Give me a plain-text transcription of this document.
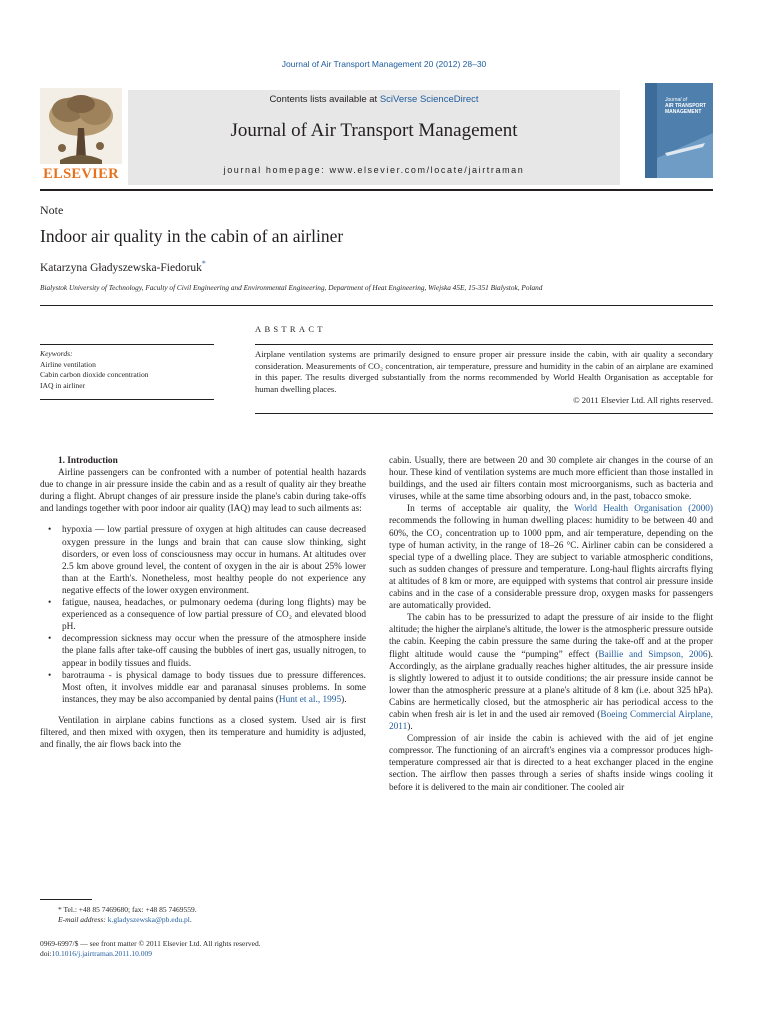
Journal of Air Transport Management 20 (2012) 28–30
ELSEVIER
Contents lists available at SciVerse ScienceDirect
Journal of Air Transport Management
journal homepage: www.elsevier.com/locate/jairtraman
Journal of
AIR TRANSPORT
MANAGEMENT
Note
Indoor air quality in the cabin of an airliner
Katarzyna Gładyszewska-Fiedoruk*
Bialystok University of Technology, Faculty of Civil Engineering and Environmental Engineering, Department of Heat Engineering, Wiejska 45E, 15-351 Bialystok, Poland
ABSTRACT
Keywords:
Airline ventilation
Cabin carbon dioxide concentration
IAQ in airliner
Airplane ventilation systems are primarily designed to ensure proper air pressure inside the cabin, with air quality a secondary consideration. Measurements of CO₂ concentration, air temperature, pressure and humidity in the cabin of an airplane are examined in this paper. The results diverged substantially from the norms recommended by World Health Organisation as acceptable for human dwelling places.
© 2011 Elsevier Ltd. All rights reserved.

1. Introduction

Airline passengers can be confronted with a number of potential health hazards due to change in air pressure inside the cabin and as a result of quality air they breathe during a flight. Abrupt changes of air pressure inside the plane's cabin during take-offs and landings together with poor indoor air quality (IAQ) may lead to such ailments as:

• hypoxia — low partial pressure of oxygen at high altitudes can cause decreased oxygen pressure in the lungs and brain that can cause slow thinking, sight disorders, or even loss of consciousness may occur in humans. At altitudes over 2.5 km above ground level, the content of oxygen in the air is about 25% lower than at the Earth's. Nonetheless, most healthy people do not experience any negative effects of the lower oxygen environment.
• fatigue, nausea, headaches, or pulmonary oedema (during long flights) may be experienced as a consequence of low partial pressure of CO₂ and elevated blood pH.
• decompression sickness may occur when the pressure of the atmosphere inside the plane falls after take-off causing the bubbles of inert gas, usually nitrogen, to appear in bodily tissues and fluids.
• barotrauma - is physical damage to body tissues due to pressure differences. Most often, it involves middle ear and paranasal sinuses problems. In some instances, they may be also accompanied by dental pains (Hunt et al., 1995).

Ventilation in airplane cabins functions as a closed system. Used air is first filtered, and then mixed with oxygen, then its temperature and humidity is adjusted, and finally, the air flows back into the

cabin. Usually, there are between 20 and 30 complete air changes in the course of an hour. These kind of ventilation systems are much more efficient than those installed in buildings, and the used air filters contain most microorganisms, such as bacteria and viruses, while at the same time absorbing odours and, in the past, tobacco smoke.

In terms of acceptable air quality, the World Health Organisation (2000) recommends the following in human dwelling places: humidity to be between 40 and 60%, the CO₂ concentration up to 1000 ppm, and air temperature, depending on the type of human activity, in the range of 18–26 °C. Airliner cabin can be considered a special type of a dwelling place. They are subject to variable atmospheric conditions, such as sudden changes of pressure and temperature. Long-haul flights aircrafts flying at altitudes of 8 km or more, are equipped with systems that control air pressure inside cabins and in the case of a considerable pressure drop, oxygen masks for passengers are automatically provided.

The cabin has to be pressurized to adapt the pressure of air inside to the flight altitude; the higher the airplane's altitude, the lower is the atmospheric pressure outside the cabin. Keeping the cabin pressure the same during the take-off and at the proper flight altitude would cause the “pumping” effect (Baillie and Simpson, 2006). Accordingly, as the airplane gradually reaches higher altitudes, the air pressure inside is slightly lowered to adjust it to outside conditions; the air pressure inside cannot be lower than the atmospheric pressure at a plane's altitude of 8 km (i.e. about 325 hPa). Cabins are hermetically closed, but the atmospheric air has periodical access to the cabin when fresh air is let in and the used air removed (Boeing Commercial Airplane, 2011).

Compression of air inside the cabin is achieved with the aid of jet engine compressor. The functioning of an aircraft's engines via a compressor produces high-temperature compressed air that is directed to a heat exchanger placed in the engine section. The airflow then passes through a series of shafts inside wings cooling it before it is delivered to the main air conditioner. The cooled air

* Tel.: +48 85 7469680; fax: +48 85 7469559.
E-mail address: k.gladyszewska@pb.edu.pl.
0969-6997/$ — see front matter © 2011 Elsevier Ltd. All rights reserved.
doi:10.1016/j.jairtraman.2011.10.009
